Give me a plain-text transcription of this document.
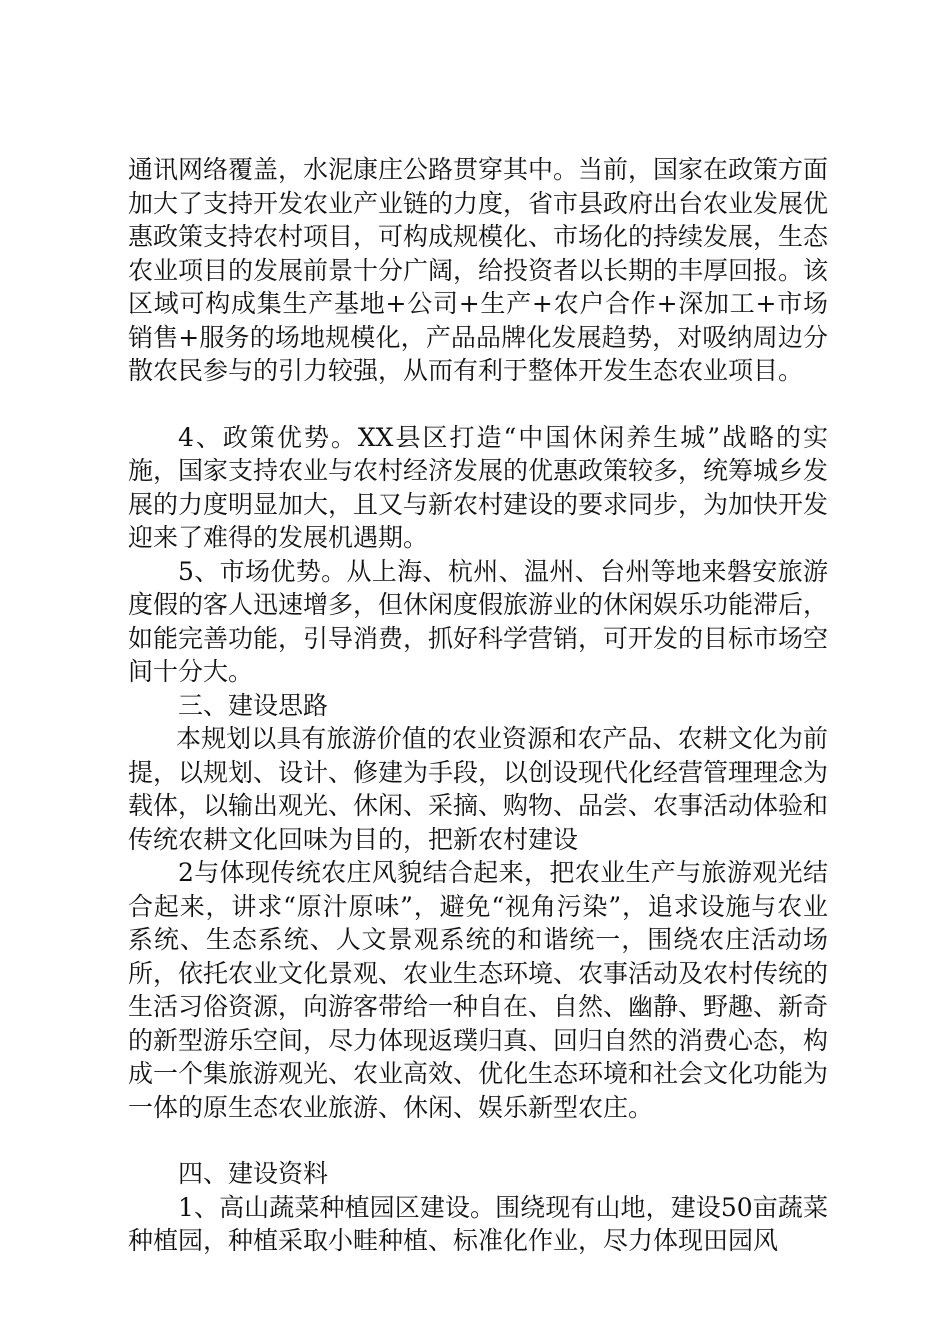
通讯网络覆盖，水泥康庄公路贯穿其中。当前，国家在政策方面加大了支持开发农业产业链的力度，省市县政府出台农业发展优惠政策支持农村项目，可构成规模化、市场化的持续发展，生态农业项目的发展前景十分广阔，给投资者以长期的丰厚回报。该区域可构成集生产基地+公司+生产+农户合作+深加工+市场销售+服务的场地规模化，产品品牌化发展趋势，对吸纳周边分散农民参与的引力较强，从而有利于整体开发生态农业项目。

4、政策优势。XX县区打造“中国休闲养生城”战略的实施，国家支持农业与农村经济发展的优惠政策较多，统筹城乡发展的力度明显加大，且又与新农村建设的要求同步，为加快开发迎来了难得的发展机遇期。

5、市场优势。从上海、杭州、温州、台州等地来磐安旅游度假的客人迅速增多，但休闲度假旅游业的休闲娱乐功能滞后，如能完善功能，引导消费，抓好科学营销，可开发的目标市场空间十分大。

三、建设思路

本规划以具有旅游价值的农业资源和农产品、农耕文化为前提，以规划、设计、修建为手段，以创设现代化经营管理理念为载体，以输出观光、休闲、采摘、购物、品尝、农事活动体验和传统农耕文化回味为目的，把新农村建设

2与体现传统农庄风貌结合起来，把农业生产与旅游观光结合起来，讲求“原汁原味”，避免“视角污染”，追求设施与农业系统、生态系统、人文景观系统的和谐统一，围绕农庄活动场所，依托农业文化景观、农业生态环境、农事活动及农村传统的生活习俗资源，向游客带给一种自在、自然、幽静、野趣、新奇的新型游乐空间，尽力体现返璞归真、回归自然的消费心态，构成一个集旅游观光、农业高效、优化生态环境和社会文化功能为一体的原生态农业旅游、休闲、娱乐新型农庄。

四、建设资料

1、高山蔬菜种植园区建设。围绕现有山地，建设50亩蔬菜种植园，种植采取小畦种植、标准化作业，尽力体现田园风
